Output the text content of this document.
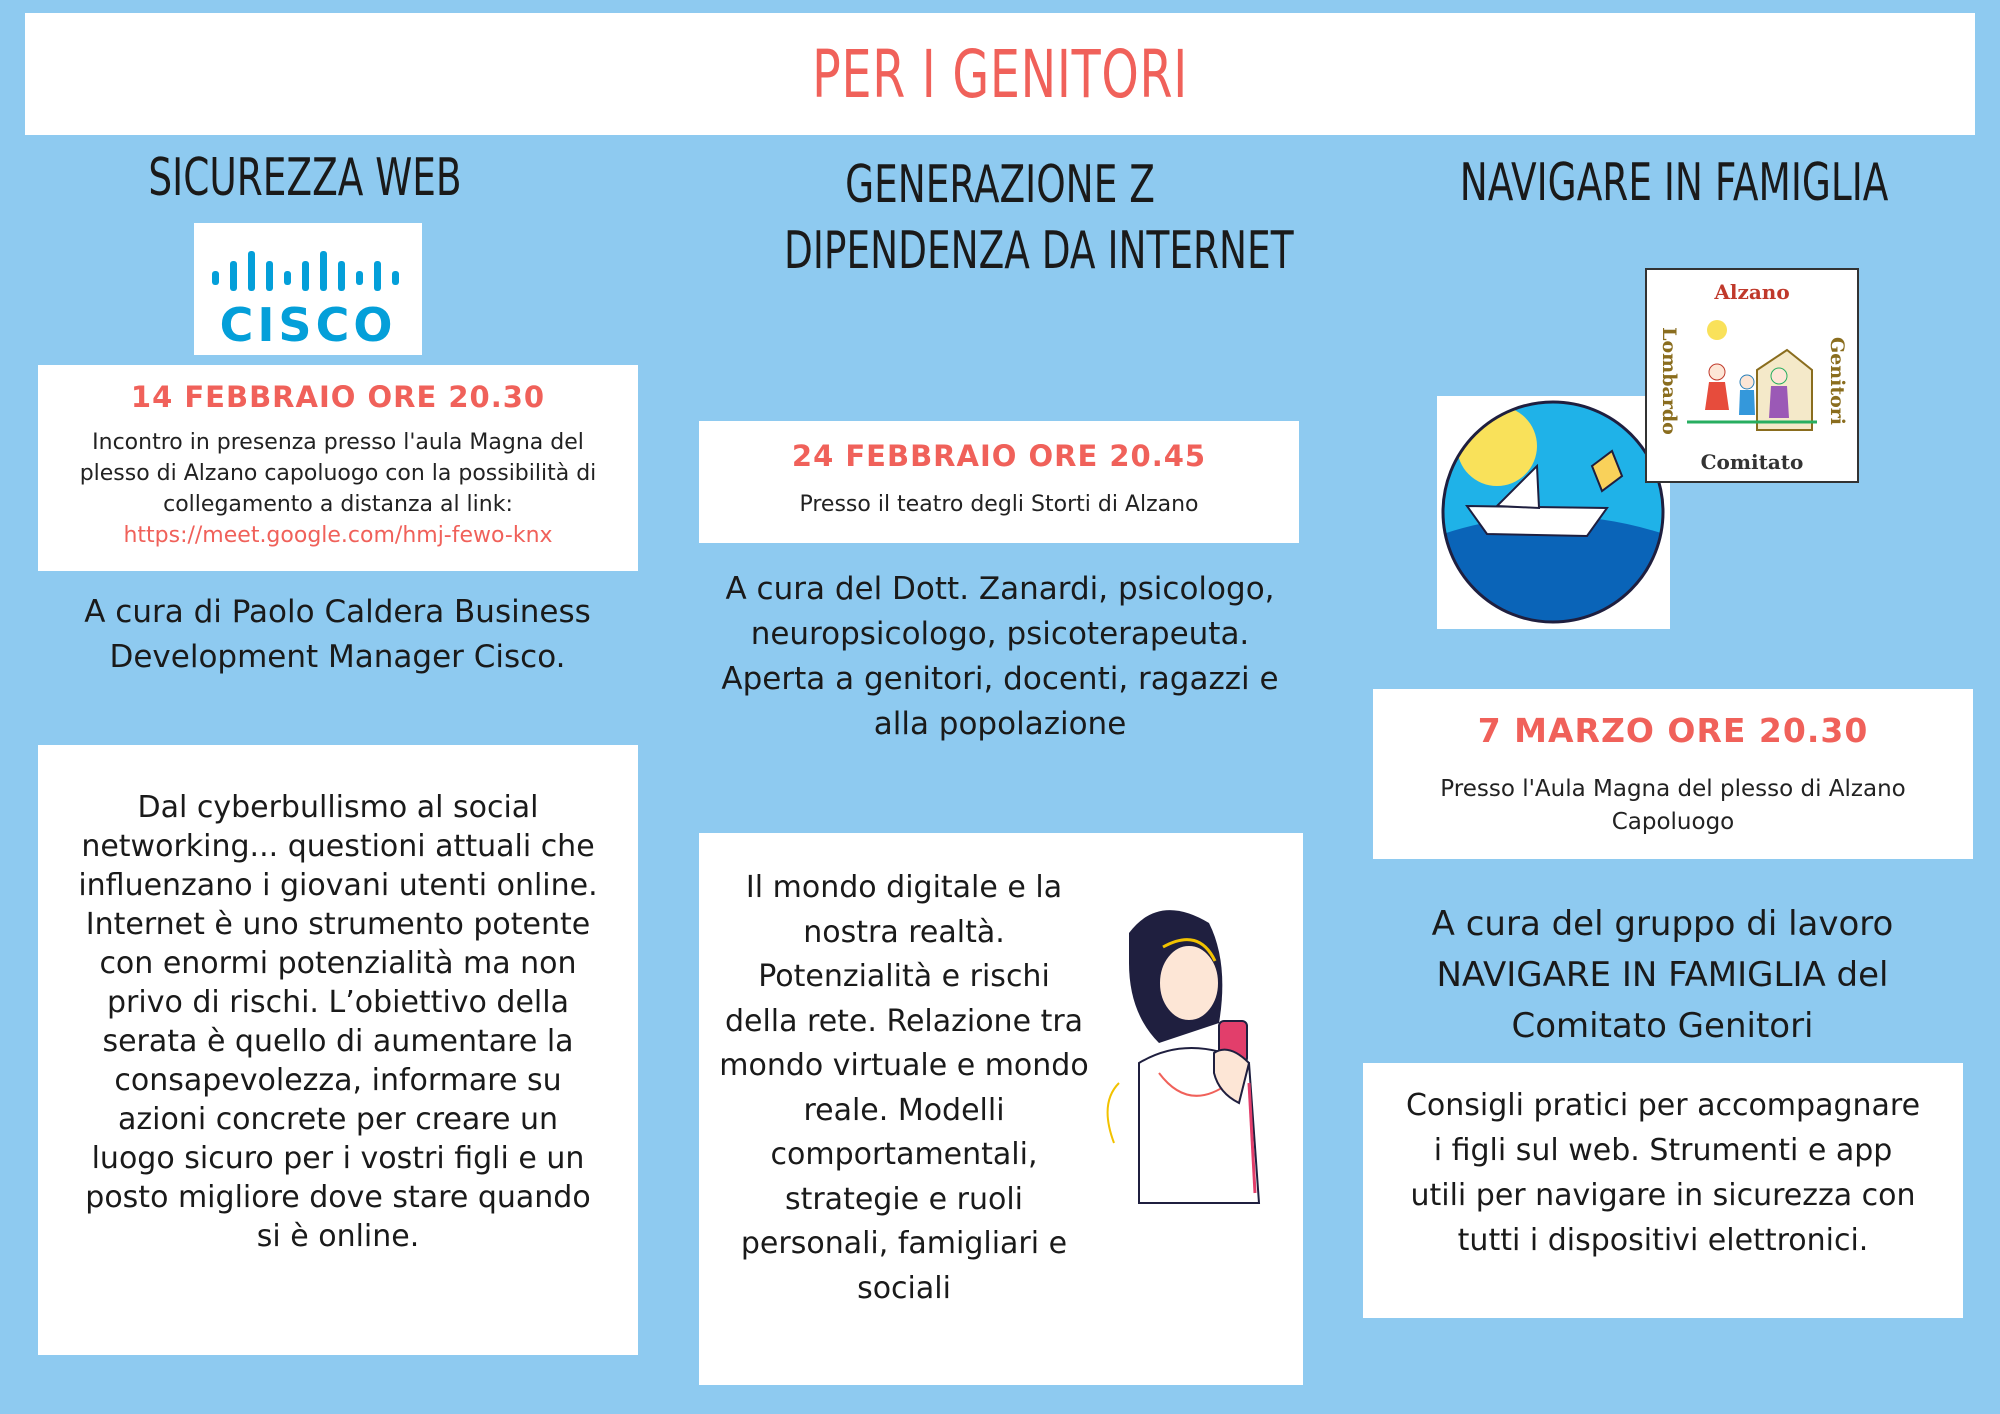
PER I GENITORI
SICUREZZA WEB
CISCO
14 FEBBRAIO ORE 20.30
Incontro in presenza presso l'aula Magna del plesso di Alzano capoluogo con la possibilità di collegamento a distanza al link:
https://meet.google.com/hmj-fewo-knx
A cura di Paolo Caldera Business Development Manager Cisco.
Dal cyberbullismo al social networking... questioni attuali che influenzano i giovani utenti online. Internet è uno strumento potente con enormi potenzialità ma non privo di rischi. L’obiettivo della serata è quello di aumentare la consapevolezza, informare su azioni concrete per creare un luogo sicuro per i vostri figli e un posto migliore dove stare quando si è online.
GENERAZIONE Z
DIPENDENZA DA INTERNET
24 FEBBRAIO ORE 20.45
Presso il teatro degli Storti di Alzano
A cura del Dott. Zanardi, psicologo, neuropsicologo, psicoterapeuta. Aperta a genitori, docenti, ragazzi e alla popolazione
Il mondo digitale e la nostra realtà. Potenzialità e rischi della rete. Relazione tra mondo virtuale e mondo reale. Modelli comportamentali, strategie e ruoli personali, famigliari e sociali
NAVIGARE IN FAMIGLIA
Alzano
Lombardo	Genitori
Comitato
7 MARZO ORE 20.30
Presso l'Aula Magna del plesso di Alzano Capoluogo
A cura del gruppo di lavoro NAVIGARE IN FAMIGLIA del Comitato Genitori
Consigli pratici per accompagnare i figli sul web. Strumenti e app utili per navigare in sicurezza con tutti i dispositivi elettronici.
